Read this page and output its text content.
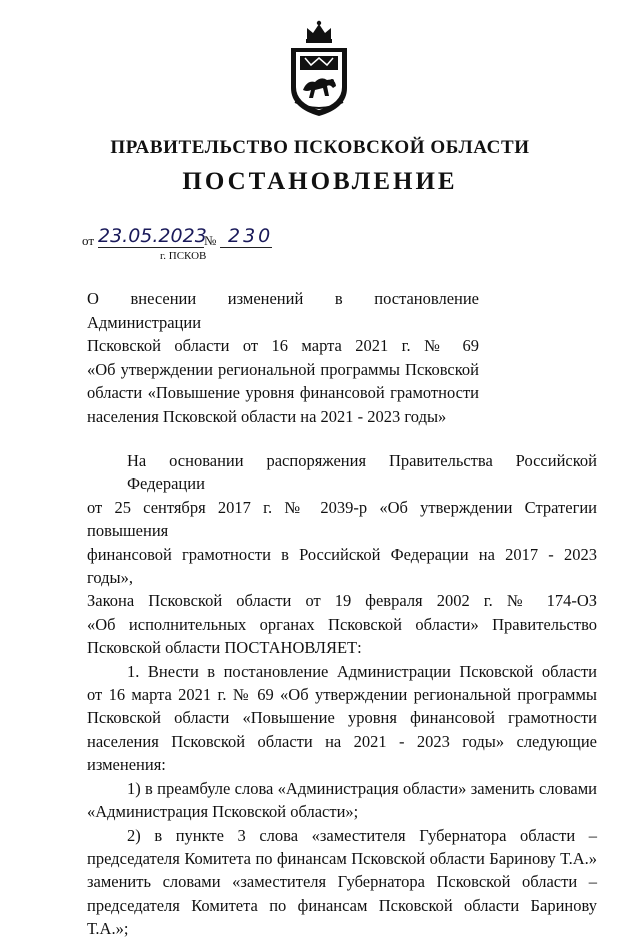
ПРАВИТЕЛЬСТВО ПСКОВСКОЙ ОБЛАСТИ
ПОСТАНОВЛЕНИЕ
от 23.05.2023
№ 230
г. ПСКОВ
О внесении изменений в постановление Администрации
Псковской области от 16 марта 2021 г. № 69
«Об утверждении региональной программы Псковской
области «Повышение уровня финансовой грамотности
населения Псковской области на 2021 - 2023 годы»
На основании распоряжения Правительства Российской Федерации
от 25 сентября 2017 г. № 2039-р «Об утверждении Стратегии повышения
финансовой грамотности в Российской Федерации на 2017 - 2023 годы»,
Закона Псковской области от 19 февраля 2002 г. № 174-ОЗ
«Об исполнительных органах Псковской области» Правительство
Псковской области ПОСТАНОВЛЯЕТ:
1. Внести в постановление Администрации Псковской области
от 16 марта 2021 г. № 69 «Об утверждении региональной программы
Псковской области «Повышение уровня финансовой грамотности
населения Псковской области на 2021 - 2023 годы» следующие
изменения:
1) в преамбуле слова «Администрация области» заменить словами
«Администрация Псковской области»;
2) в пункте 3 слова «заместителя Губернатора области –
председателя Комитета по финансам Псковской области Баринову Т.А.»
заменить словами «заместителя Губернатора Псковской области –
председателя Комитета по финансам Псковской области Баринову Т.А.»;
